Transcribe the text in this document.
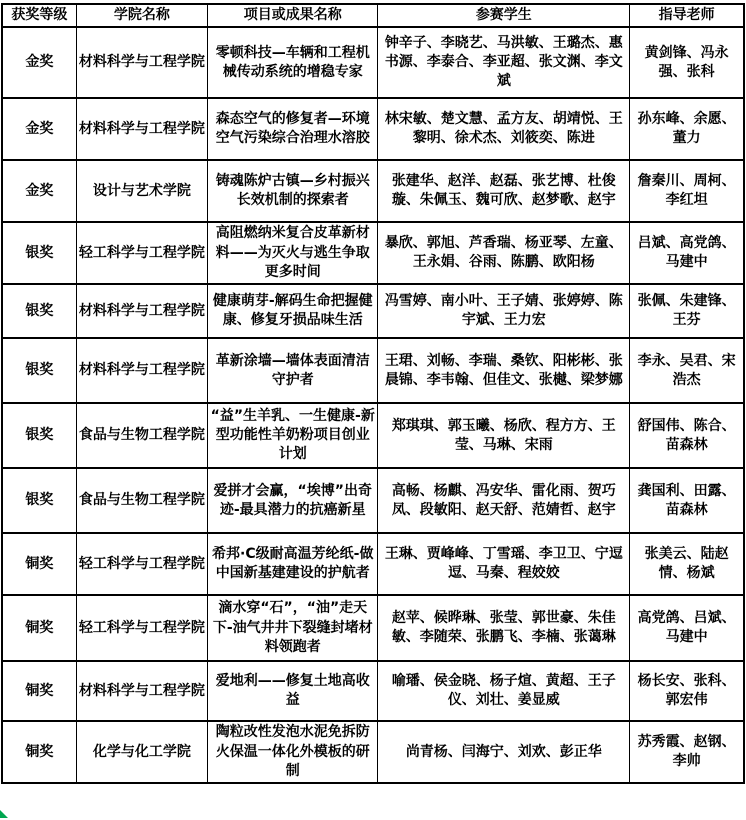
获奖等级	学院名称	项目或成果名称	参赛学生	指导老师
金奖	材料科学与工程学院	零顿科技—车辆和工程机械传动系统的增稳专家	钟辛子、李晓艺、马洪敏、王璐杰、惠书源、李泰合、李亚超、张文渊、李文斌	黄剑锋、冯永强、张科
金奖	材料科学与工程学院	森态空气的修复者—环境空气污染综合治理水溶胶	林宋敏、楚文慧、孟方友、胡靖悦、王黎明、徐术杰、刘筱奕、陈进	孙东峰、余愿、董力
金奖	设计与艺术学院	铸魂陈炉古镇—乡村振兴长效机制的探索者	张建华、赵洋、赵磊、张艺博、杜俊璇、朱佩玉、魏可欣、赵梦歌、赵宇	詹秦川、周柯、李红坦
银奖	轻工科学与工程学院	高阻燃纳米复合皮革新材料——为灭火与逃生争取更多时间	暴欣、郭旭、芦香瑞、杨亚琴、左童、王永娟、谷雨、陈鹏、欧阳杨	吕斌、高党鸽、马建中
银奖	材料科学与工程学院	健康萌芽-解码生命把握健康、修复牙损品味生活	冯雪婷、南小叶、王子婧、张婷婷、陈宇斌、王力宏	张佩、朱建锋、王芬
银奖	材料科学与工程学院	革新涂墙—墙体表面清洁守护者	王珺、刘畅、李瑞、桑钦、阳彬彬、张晨锦、李韦翰、但佳文、张樾、梁梦娜	李永、吴君、宋浩杰
银奖	食品与生物工程学院	“益”生羊乳、一生健康-新型功能性羊奶粉项目创业计划	郑琪琪、郭玉曦、杨欣、程方方、王莹、马琳、宋雨	舒国伟、陈合、苗森林
银奖	食品与生物工程学院	爱拼才会赢，“埃博”出奇迹-最具潜力的抗癌新星	高畅、杨麒、冯安华、雷化雨、贺巧凤、段敏阳、赵天舒、范婧哲、赵宇	龚国利、田露、苗森林
铜奖	轻工科学与工程学院	希邦·C级耐高温芳纶纸-做中国新基建建设的护航者	王琳、贾峰峰、丁雪瑶、李卫卫、宁逗逗、马秦、程姣姣	张美云、陆赵情、杨斌
铜奖	轻工科学与工程学院	滴水穿“石”，“油”走天下-油气井井下裂缝封堵材料领跑者	赵苹、候晔琳、张莹、郭世豪、朱佳敏、李随荣、张鹏飞、李楠、张蔼琳	高党鸽、吕斌、马建中
铜奖	材料科学与工程学院	爱地利——修复土地高收益	喻璠、侯金晓、杨子煊、黄超、王子仪、刘壮、姜显威	杨长安、张科、郭宏伟
铜奖	化学与化工学院	陶粒改性发泡水泥免拆防火保温一体化外模板的研制	尚青杨、闫海宁、刘欢、彭正华	苏秀霞、赵钢、李帅
